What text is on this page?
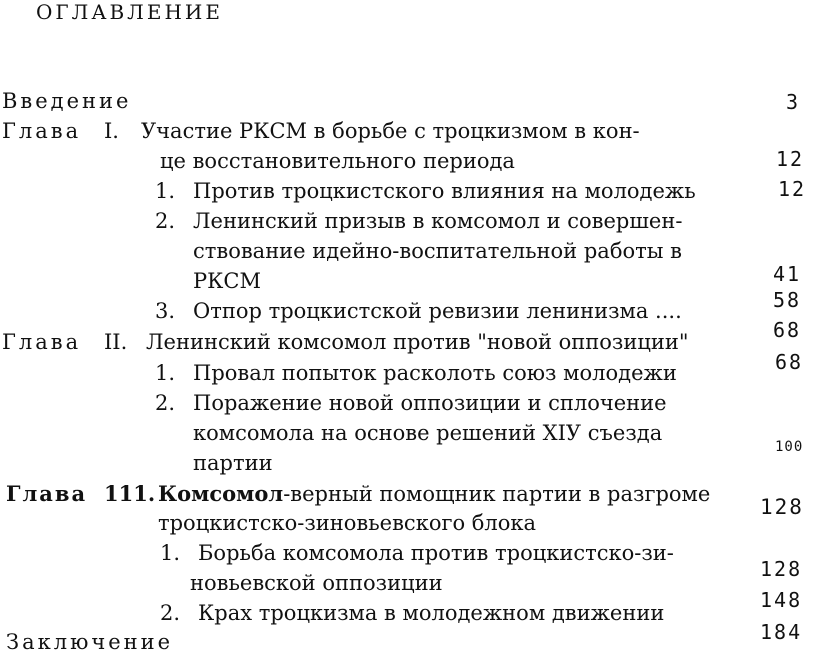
ОГЛАВЛЕНИЕ
Введение	3
Глава I. Участие РКСМ в борьбе с троцкизмом в кон-
це восстановительного периода	12
1. Против троцкистского влияния на молодежь	12
2. Ленинский призыв в комсомол и совершен-
ствование идейно-воспитательной работы в
РКСМ	41
3. Отпор троцкистской ревизии ленинизма ....	58
Глава II. Ленинский комсомол против "новой оппозиции"	68
1. Провал попыток расколоть союз молодежи	68
2. Поражение новой оппозиции и сплочение
комсомола на основе решений XIУ съезда
партии
100
Глава 111. Комсомол-верный помощник партии в разгроме
троцкистско-зиновьевского блока
128
1. Борьба комсомола против троцкистско-зи-
новьевской оппозиции
128
2. Крах троцкизма в молодежном движении
148
Заключение	184
